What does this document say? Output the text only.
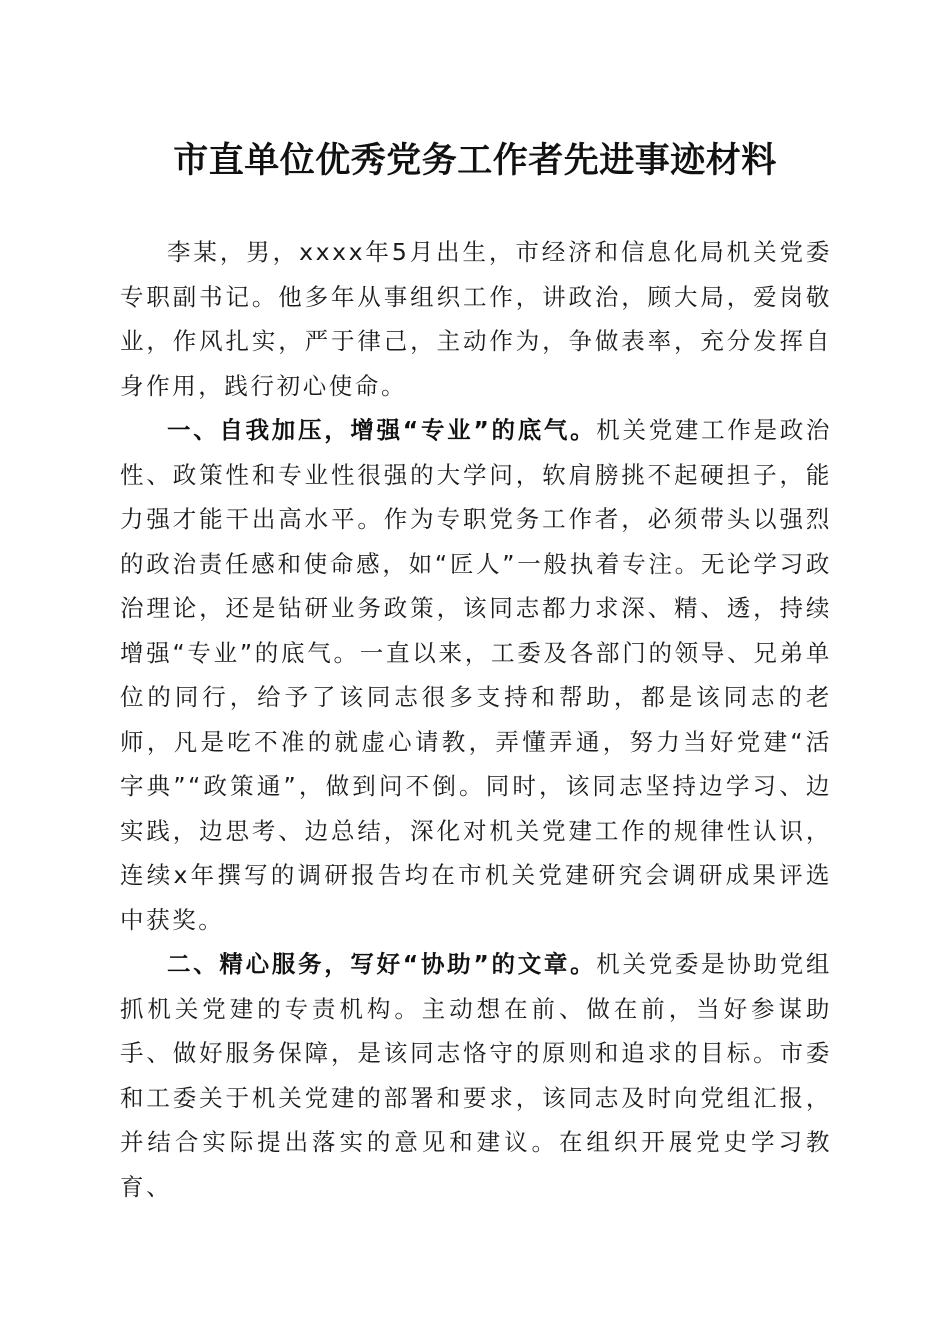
市直单位优秀党务工作者先进事迹材料

李某，男，xxxx年5月出生，市经济和信息化局机关党委专职副书记。他多年从事组织工作，讲政治，顾大局，爱岗敬业，作风扎实，严于律己，主动作为，争做表率，充分发挥自身作用，践行初心使命。

一、自我加压，增强“专业”的底气。机关党建工作是政治性、政策性和专业性很强的大学问，软肩膀挑不起硬担子，能力强才能干出高水平。作为专职党务工作者，必须带头以强烈的政治责任感和使命感，如“匠人”一般执着专注。无论学习政治理论，还是钻研业务政策，该同志都力求深、精、透，持续增强“专业”的底气。一直以来，工委及各部门的领导、兄弟单位的同行，给予了该同志很多支持和帮助，都是该同志的老师，凡是吃不准的就虚心请教，弄懂弄通，努力当好党建“活字典”“政策通”，做到问不倒。同时，该同志坚持边学习、边实践，边思考、边总结，深化对机关党建工作的规律性认识，连续x年撰写的调研报告均在市机关党建研究会调研成果评选中获奖。

二、精心服务，写好“协助”的文章。机关党委是协助党组抓机关党建的专责机构。主动想在前、做在前，当好参谋助手、做好服务保障，是该同志恪守的原则和追求的目标。市委和工委关于机关党建的部署和要求，该同志及时向党组汇报，并结合实际提出落实的意见和建议。在组织开展党史学习教育、
